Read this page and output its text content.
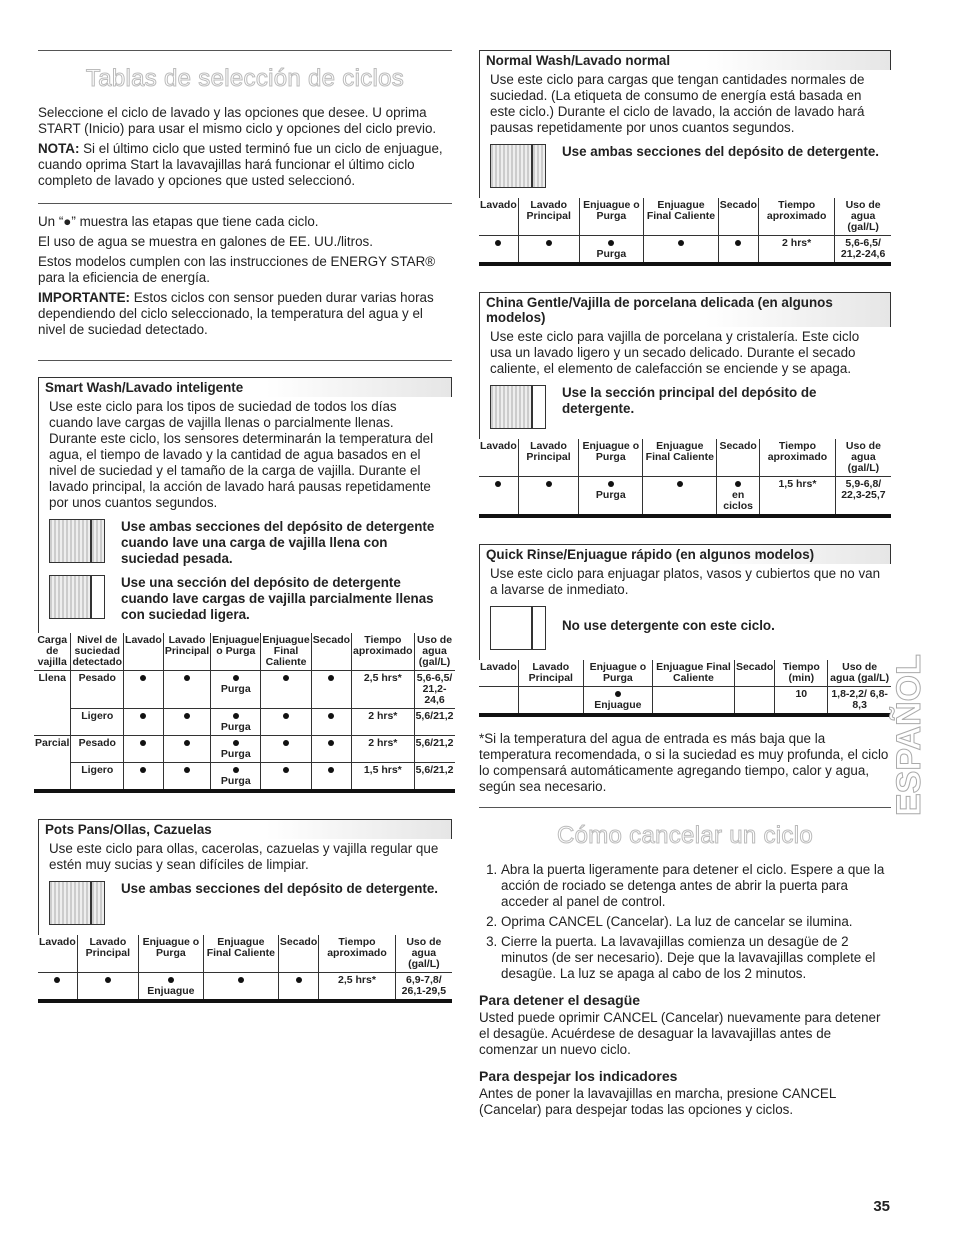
Tablas de selección de ciclos

Seleccione el ciclo de lavado y las opciones que desee. U oprima START (Inicio) para usar el mismo ciclo y opciones del ciclo previo.

NOTA: Si el último ciclo que usted terminó fue un ciclo de enjuague, cuando oprima Start la lavavajillas hará funcionar el último ciclo completo de lavado y opciones que usted seleccionó.

Un “●” muestra las etapas que tiene cada ciclo.

El uso de agua se muestra en galones de EE. UU./litros.

Estos modelos cumplen con las instrucciones de ENERGY STAR® para la eficiencia de energía.

IMPORTANTE: Estos ciclos con sensor pueden durar varias horas dependiendo del ciclo seleccionado, la temperatura del agua y el nivel de suciedad detectado.

Smart Wash/Lavado inteligente

Use este ciclo para los tipos de suciedad de todos los días cuando lave cargas de vajilla llenas o parcialmente llenas. Durante este ciclo, los sensores determinarán la temperatura del agua, el tiempo de lavado y la cantidad de agua basados en el nivel de suciedad y el tamaño de la carga de vajilla. Durante el lavado principal, la acción de lavado hará pausas repetidamente por unos cuantos segundos.

Use ambas secciones del depósito de detergente cuando lave una carga de vajilla llena con suciedad pesada.
Use una sección del depósito de detergente cuando lave cargas de vajilla parcialmente llenas con suciedad ligera.
Carga de vajilla	Nivel de suciedad detectado	Lavado	Lavado Principal	Enjuague o Purga	Enjuague Final Caliente	Secado	Tiempo aproximado	Uso de agua (gal/L)
Llena	Pesado			Purga			2,5 hrs*	5,6-6,5/ 21,2-24,6
	Ligero			Purga			2 hrs*	5,6/21,2
Parcial	Pesado			Purga			2 hrs*	5,6/21,2
	Ligero			Purga			1,5 hrs*	5,6/21,2
Pots Pans/Ollas, Cazuelas

Use este ciclo para ollas, cacerolas, cazuelas y vajilla regular que estén muy sucias y sean difíciles de limpiar.

Use ambas secciones del depósito de detergente.
Lavado	Lavado Principal	Enjuague o Purga	Enjuague Final Caliente	Secado	Tiempo aproximado	Uso de agua (gal/L)

		Enjuague			2,5 hrs*	6,9-7,8/ 26,1-29,5
Normal Wash/Lavado normal

Use este ciclo para cargas que tengan cantidades normales de suciedad. (La etiqueta de consumo de energía está basada en este ciclo.) Durante el ciclo de lavado, la acción de lavado hará pausas repetidamente por unos cuantos segundos.

Use ambas secciones del depósito de detergente.
Lavado	Lavado Principal	Enjuague o Purga	Enjuague Final Caliente	Secado	Tiempo aproximado	Uso de agua (gal/L)

		Purga			2 hrs*	5,6-6,5/ 21,2-24,6
China Gentle/Vajilla de porcelana delicada (en algunos modelos)

Use este ciclo para vajilla de porcelana y cristalería. Este ciclo usa un lavado ligero y un secado delicado. Durante el secado caliente, el elemento de calefacción se enciende y se apaga.

Use la sección principal del depósito de detergente.
Lavado	Lavado Principal	Enjuague o Purga	Enjuague Final Caliente	Secado	Tiempo aproximado	Uso de agua (gal/L)

		Purga		en ciclos	1,5 hrs*	5,9-6,8/ 22,3-25,7
Quick Rinse/Enjuague rápido (en algunos modelos)

Use este ciclo para enjuagar platos, vasos y cubiertos que no van a lavarse de inmediato.

No use detergente con este ciclo.
Lavado	Lavado Principal	Enjuague o Purga	Enjuague Final Caliente	Secado	Tiempo (min)	Uso de agua (gal/L)

		Enjuague			10	1,8-2,2/ 6,8-8,3

*Si la temperatura del agua de entrada es más baja que la temperatura recomendada, o si la suciedad es muy profunda, el ciclo lo compensará automáticamente agregando tiempo, calor y agua, según sea necesario.

Cómo cancelar un ciclo
1. Abra la puerta ligeramente para detener el ciclo. Espere a que la acción de rociado se detenga antes de abrir la puerta para acceder al panel de control.
2. Oprima CANCEL (Cancelar). La luz de cancelar se ilumina.
3. Cierre la puerta. La lavavajillas comienza un desagüe de 2 minutos (de ser necesario). Deje que la lavavajillas complete el desagüe. La luz se apaga al cabo de los 2 minutos.
Para detener el desagüe

Usted puede oprimir CANCEL (Cancelar) nuevamente para detener el desagüe. Acuérdese de desaguar la lavavajillas antes de comenzar un nuevo ciclo.

Para despejar los indicadores

Antes de poner la lavavajillas en marcha, presione CANCEL (Cancelar) para despejar todas las opciones y ciclos.

ESPAÑOL
35
